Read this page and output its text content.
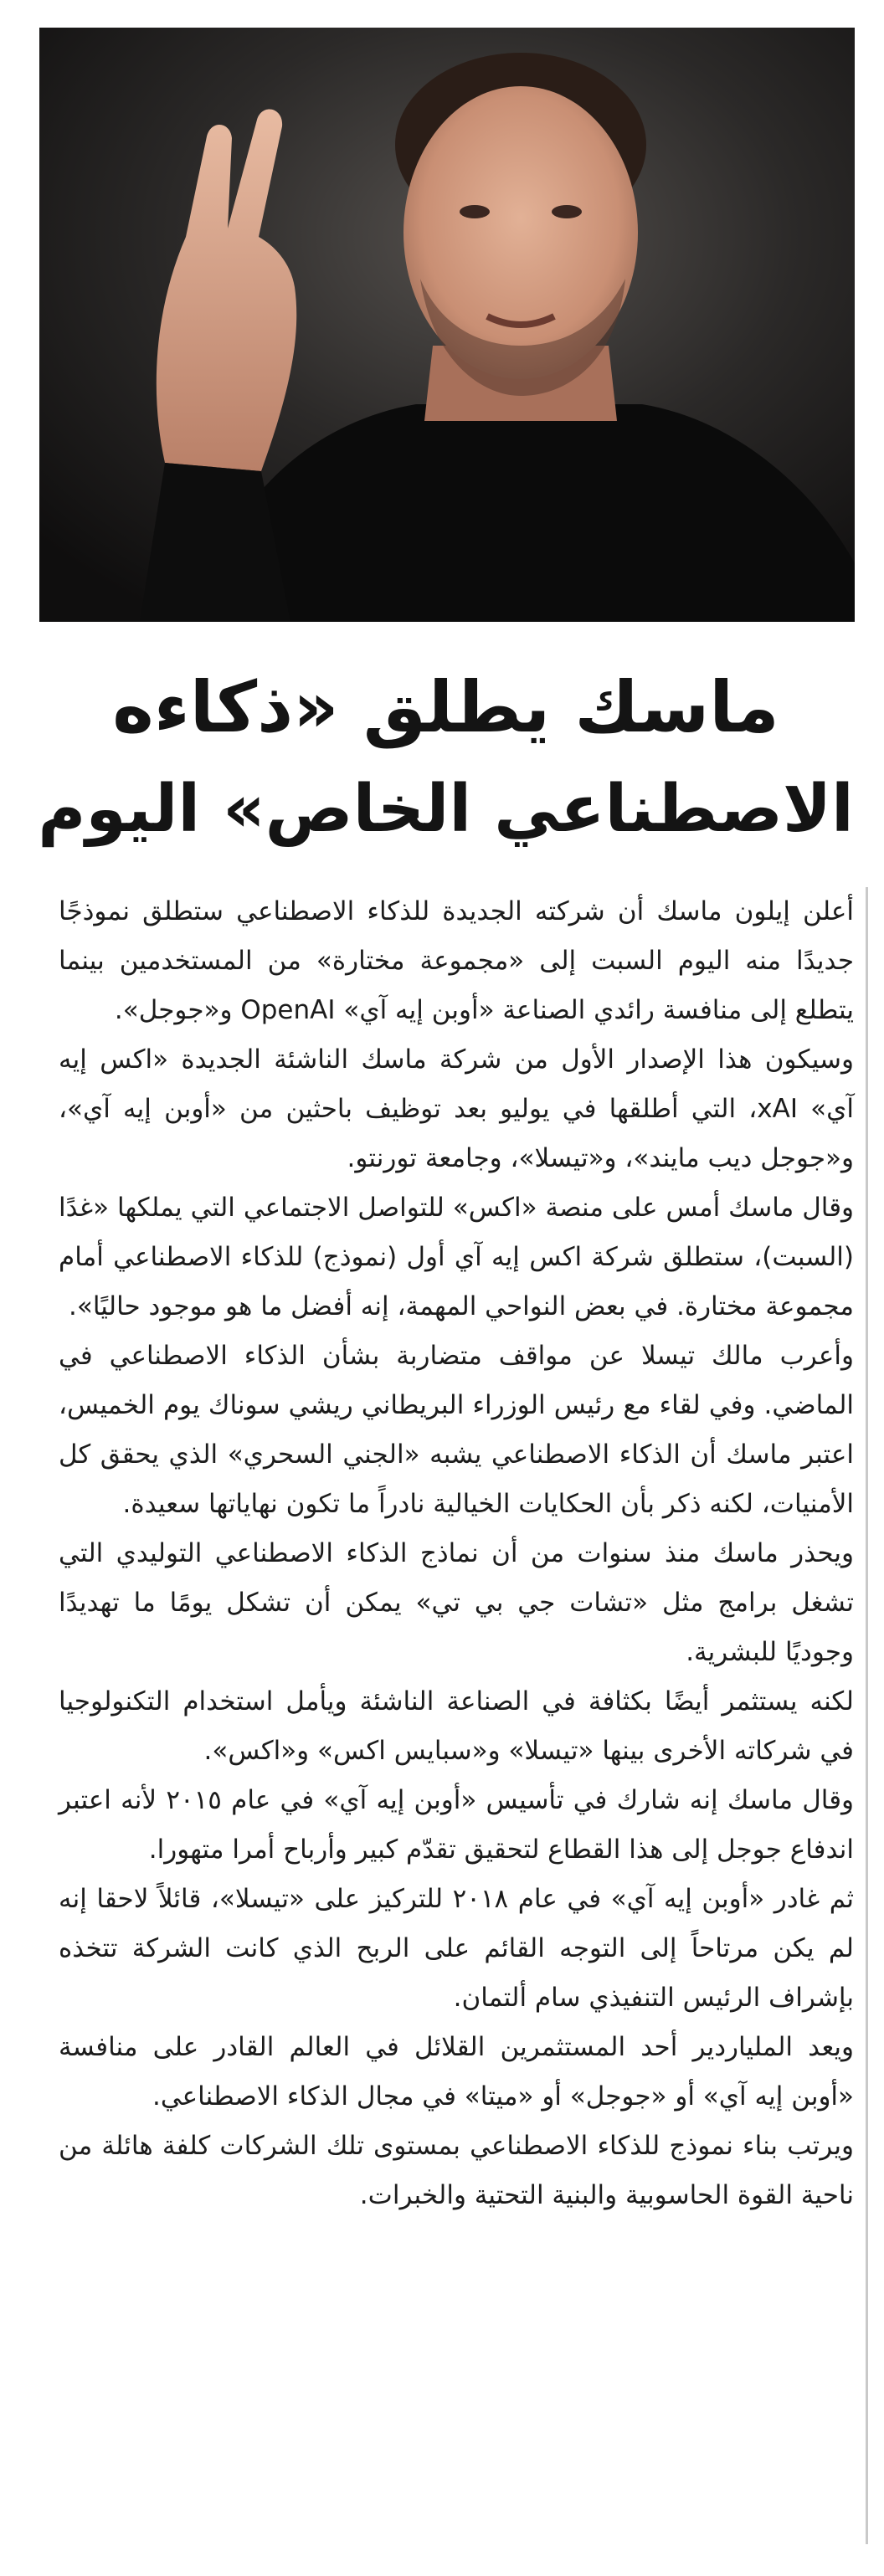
ماسك يطلق «ذكاءه
الاصطناعي الخاص» اليوم

أعلن إيلون ماسك أن شركته الجديدة للذكاء الاصطناعي ستطلق نموذجًا جديدًا منه اليوم السبت إلى «مجموعة مختارة» من المستخدمين بينما يتطلع إلى منافسة رائدي الصناعة «أوبن إيه آي» OpenAI و«جوجل».

وسيكون هذا الإصدار الأول من شركة ماسك الناشئة الجديدة «اكس إيه آي» xAI، التي أطلقها في يوليو بعد توظيف باحثين من «أوبن إيه آي»، و«جوجل ديب مايند»، و«تيسلا»، وجامعة تورنتو.

وقال ماسك أمس على منصة «اكس» للتواصل الاجتماعي التي يملكها «غدًا (السبت)، ستطلق شركة اكس إيه آي أول (نموذج) للذكاء الاصطناعي أمام مجموعة مختارة. في بعض النواحي المهمة، إنه أفضل ما هو موجود حاليًا».

وأعرب مالك تيسلا عن مواقف متضاربة بشأن الذكاء الاصطناعي في الماضي. وفي لقاء مع رئيس الوزراء البريطاني ريشي سوناك يوم الخميس، اعتبر ماسك أن الذكاء الاصطناعي يشبه «الجني السحري» الذي يحقق كل الأمنيات، لكنه ذكر بأن الحكايات الخيالية نادراً ما تكون نهاياتها سعيدة.

ويحذر ماسك منذ سنوات من أن نماذج الذكاء الاصطناعي التوليدي التي تشغل برامج مثل «تشات جي بي تي» يمكن أن تشكل يومًا ما تهديدًا وجوديًا للبشرية.

لكنه يستثمر أيضًا بكثافة في الصناعة الناشئة ويأمل استخدام التكنولوجيا في شركاته الأخرى بينها «تيسلا» و«سبايس اكس» و«اكس».

وقال ماسك إنه شارك في تأسيس «أوبن إيه آي» في عام ٢٠١٥ لأنه اعتبر اندفاع جوجل إلى هذا القطاع لتحقيق تقدّم كبير وأرباح أمرا متهورا.

ثم غادر «أوبن إيه آي» في عام ٢٠١٨ للتركيز على «تيسلا»، قائلاً لاحقا إنه لم يكن مرتاحاً إلى التوجه القائم على الربح الذي كانت الشركة تتخذه بإشراف الرئيس التنفيذي سام ألتمان.

ويعد الملياردير أحد المستثمرين القلائل في العالم القادر على منافسة «أوبن إيه آي» أو «جوجل» أو «ميتا» في مجال الذكاء الاصطناعي.

ويرتب بناء نموذج للذكاء الاصطناعي بمستوى تلك الشركات كلفة هائلة من ناحية القوة الحاسوبية والبنية التحتية والخبرات.
